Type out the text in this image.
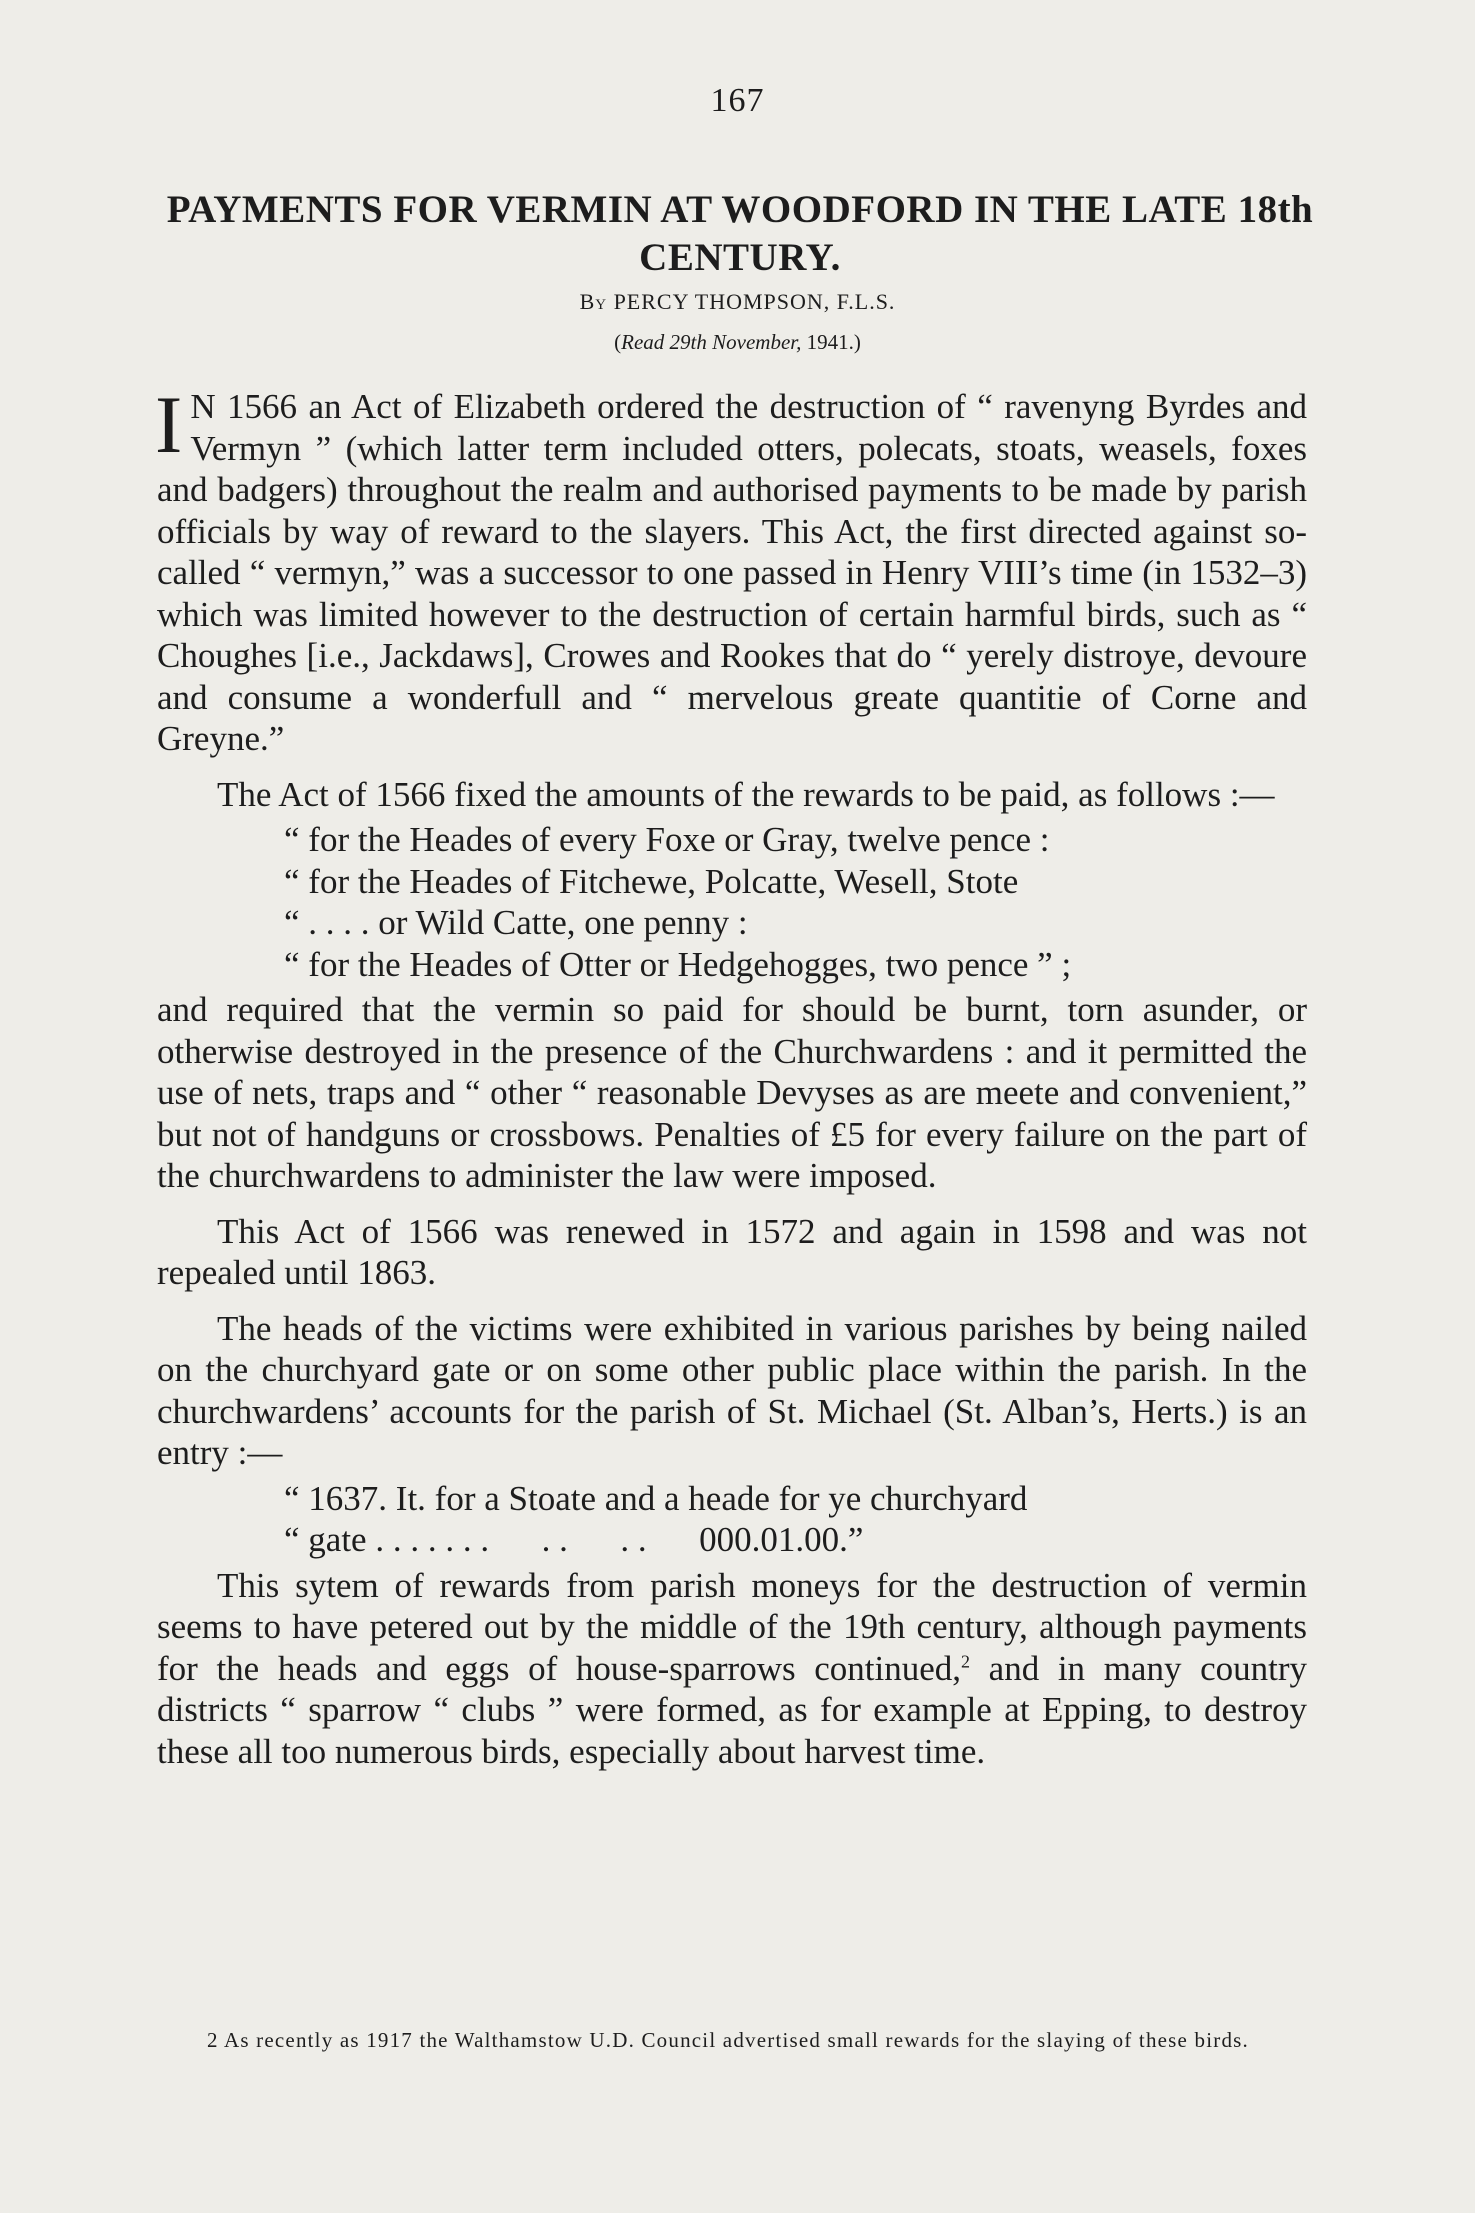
167
PAYMENTS FOR VERMIN AT WOODFORD IN THE LATE 18th CENTURY.
By PERCY THOMPSON, F.L.S.
(Read 29th November, 1941.)

I N 1566 an Act of Elizabeth ordered the destruction of “ ravenyng Byrdes and Vermyn ” (which latter term included otters, polecats, stoats, weasels, foxes and badgers) throughout the realm and authorised payments to be made by parish officials by way of reward to the slayers. This Act, the first directed against so-called “ vermyn,” was a successor to one passed in Henry VIII’s time (in 1532–3) which was limited however to the destruction of certain harmful birds, such as “ Choughes [i.e., Jackdaws], Crowes and Rookes that do “ yerely distroye, devoure and consume a wonderfull and “ mervelous greate quantitie of Corne and Greyne.”

The Act of 1566 fixed the amounts of the rewards to be paid, as follows :—

“ for the Heades of every Foxe or Gray, twelve pence :

“ for the Heades of Fitchewe, Polcatte, Wesell, Stote

“ . . . . or Wild Catte, one penny :

“ for the Heades of Otter or Hedgehogges, two pence ” ;

and required that the vermin so paid for should be burnt, torn asunder, or otherwise destroyed in the presence of the Churchwardens : and it permitted the use of nets, traps and “ other “ reasonable Devyses as are meete and convenient,” but not of handguns or crossbows. Penalties of £5 for every failure on the part of the churchwardens to administer the law were imposed.

This Act of 1566 was renewed in 1572 and again in 1598 and was not repealed until 1863.

The heads of the victims were exhibited in various parishes by being nailed on the churchyard gate or on some other public place within the parish. In the churchwardens’ accounts for the parish of St. Michael (St. Alban’s, Herts.) is an entry :—

“ 1637. It. for a Stoate and a heade for ye churchyard

“ gate . . . . . . .      . .      . .      000.01.00.”

This sytem of rewards from parish moneys for the destruction of vermin seems to have petered out by the middle of the 19th century, although payments for the heads and eggs of house-sparrows continued,$^2$ and in many country districts “ sparrow “ clubs ” were formed, as for example at Epping, to destroy these all too numerous birds, especially about harvest time.

2 As recently as 1917 the Walthamstow U.D. Council advertised small rewards for the slaying of these birds.
